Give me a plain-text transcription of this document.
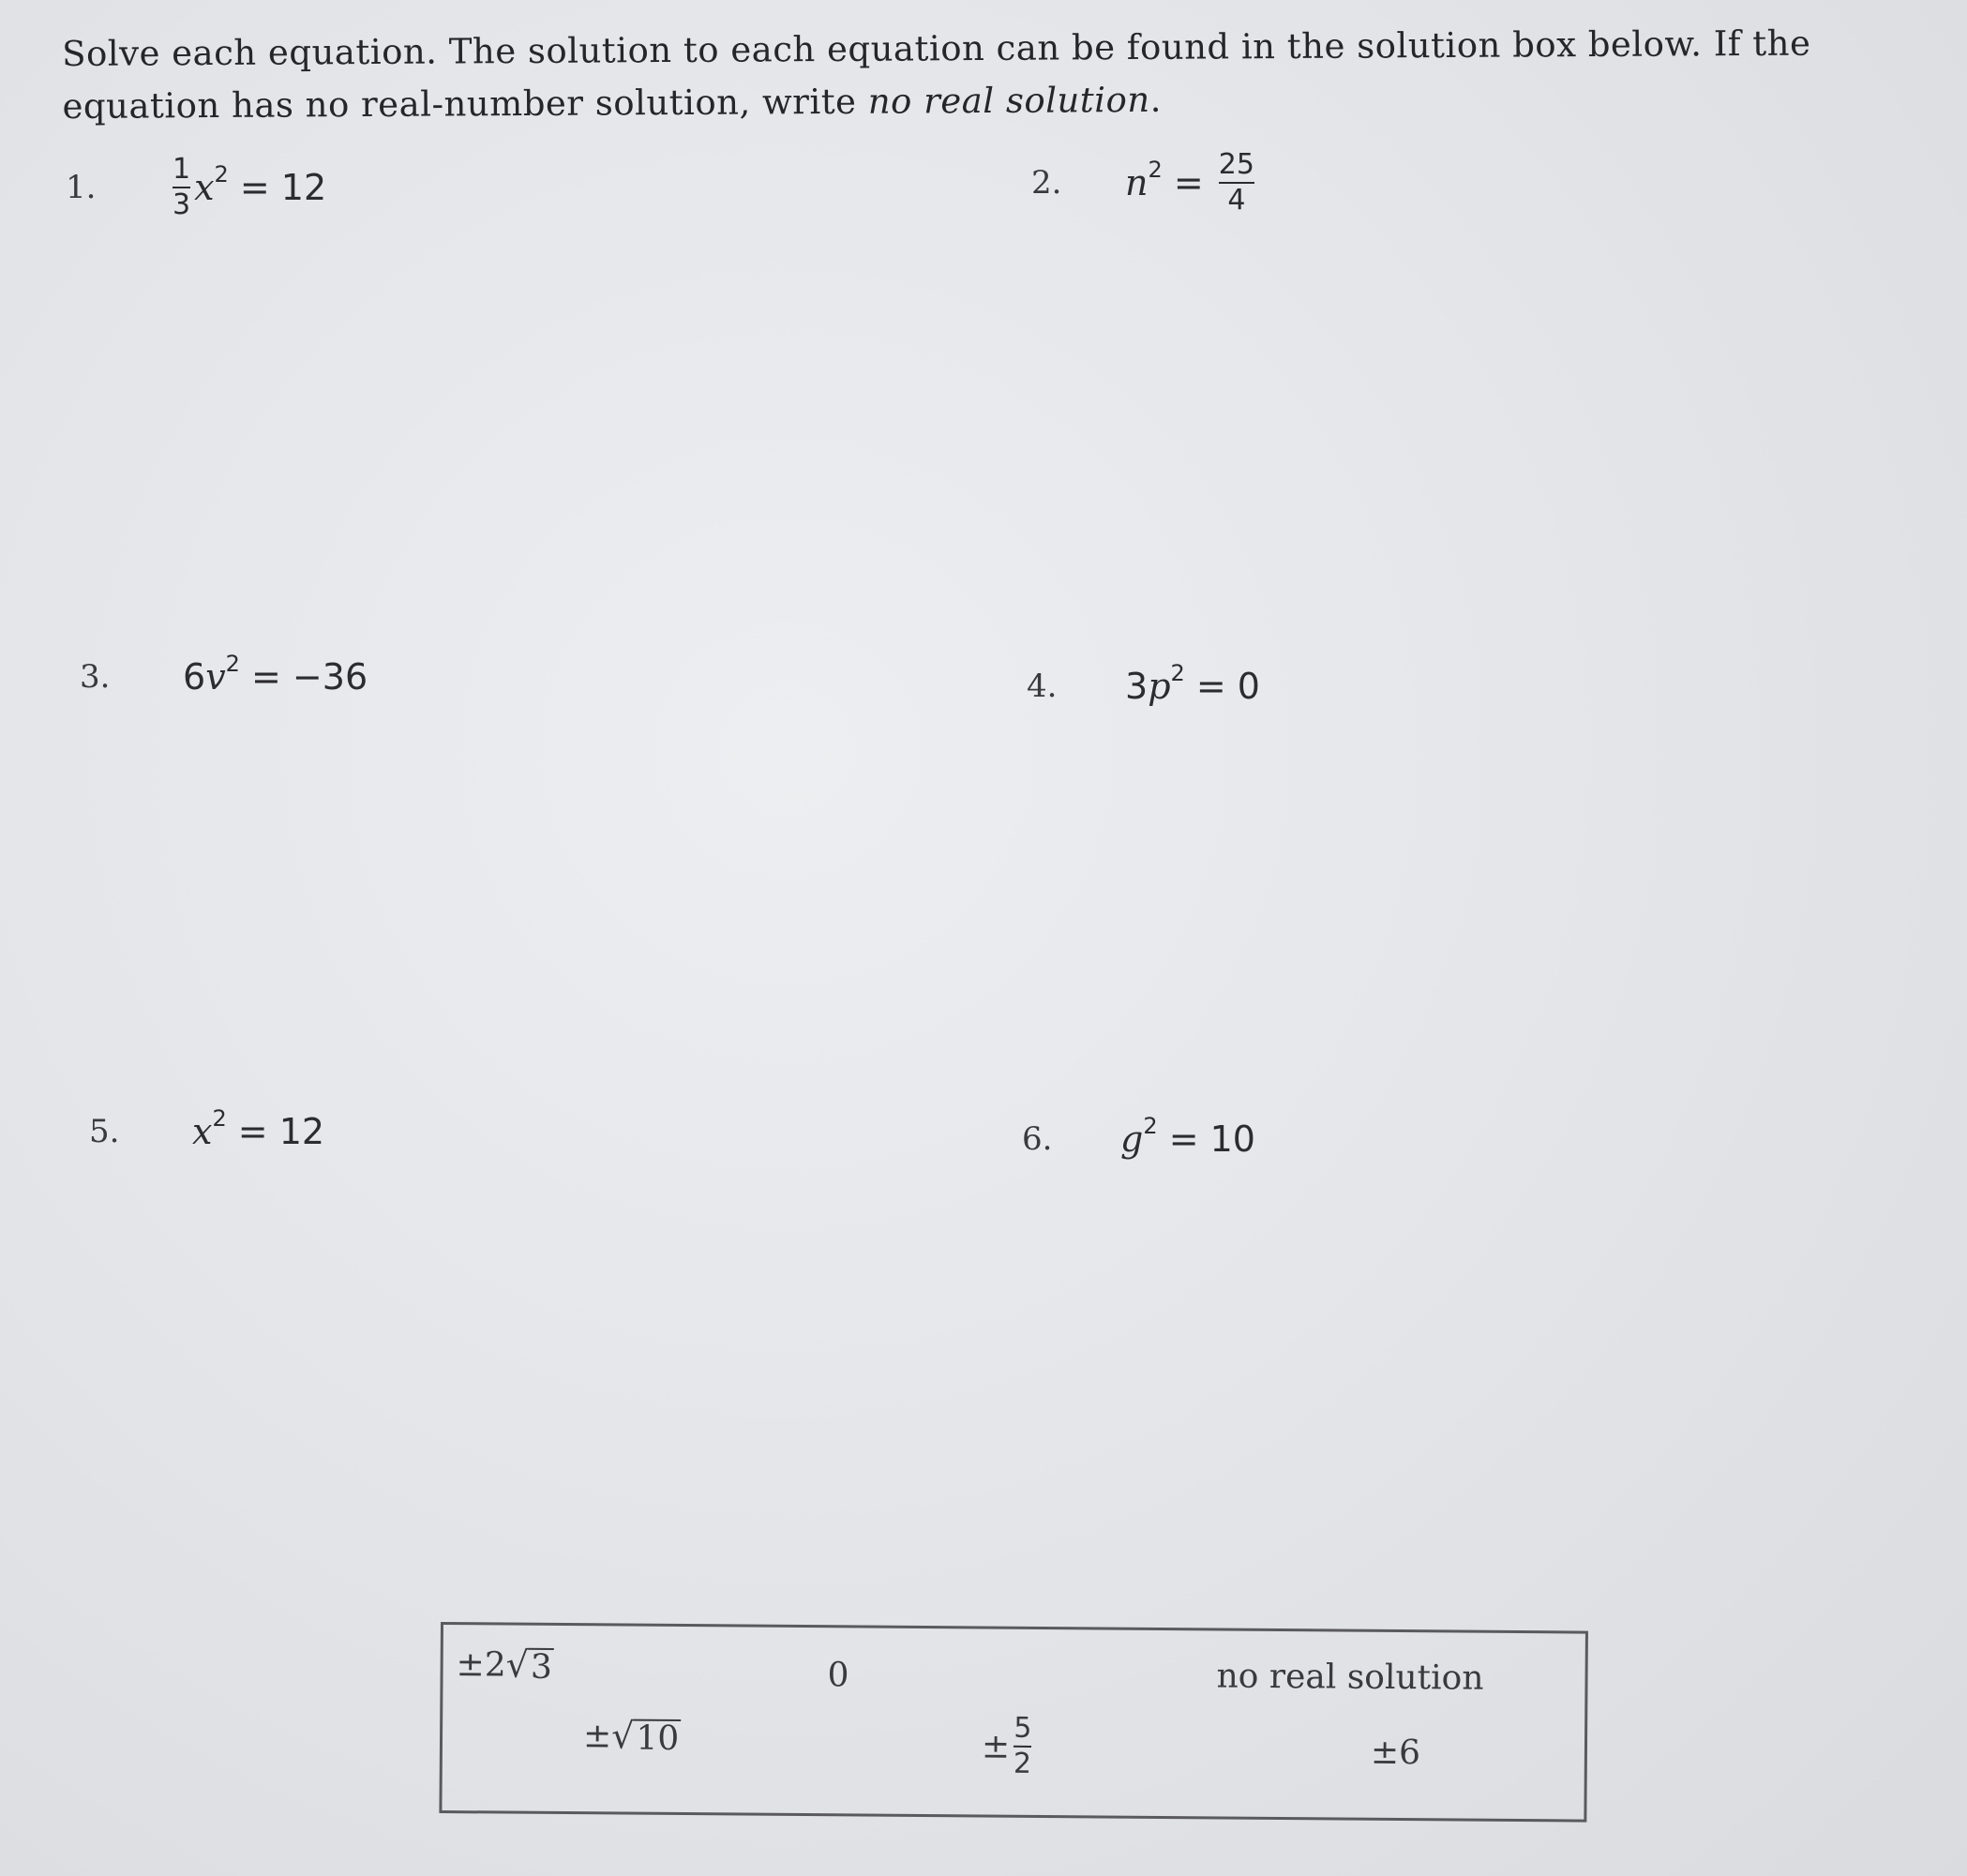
Solve each equation. The solution to each equation can be found in the solution box below. If the equation has no real-number solution, write no real solution.
1.	$\frac{1}{3} x^2 = 12$	2.	$n^2 = \frac{25}{4}$
3.	6 $v^2 = -36$	4.	3 $p^2 = 0$
5.	$x^2 = 12$	6.	$g^2 = 10$
±2 √ 3	0	no real solution
± √ 10	± $\frac{5}{2}$	±6
